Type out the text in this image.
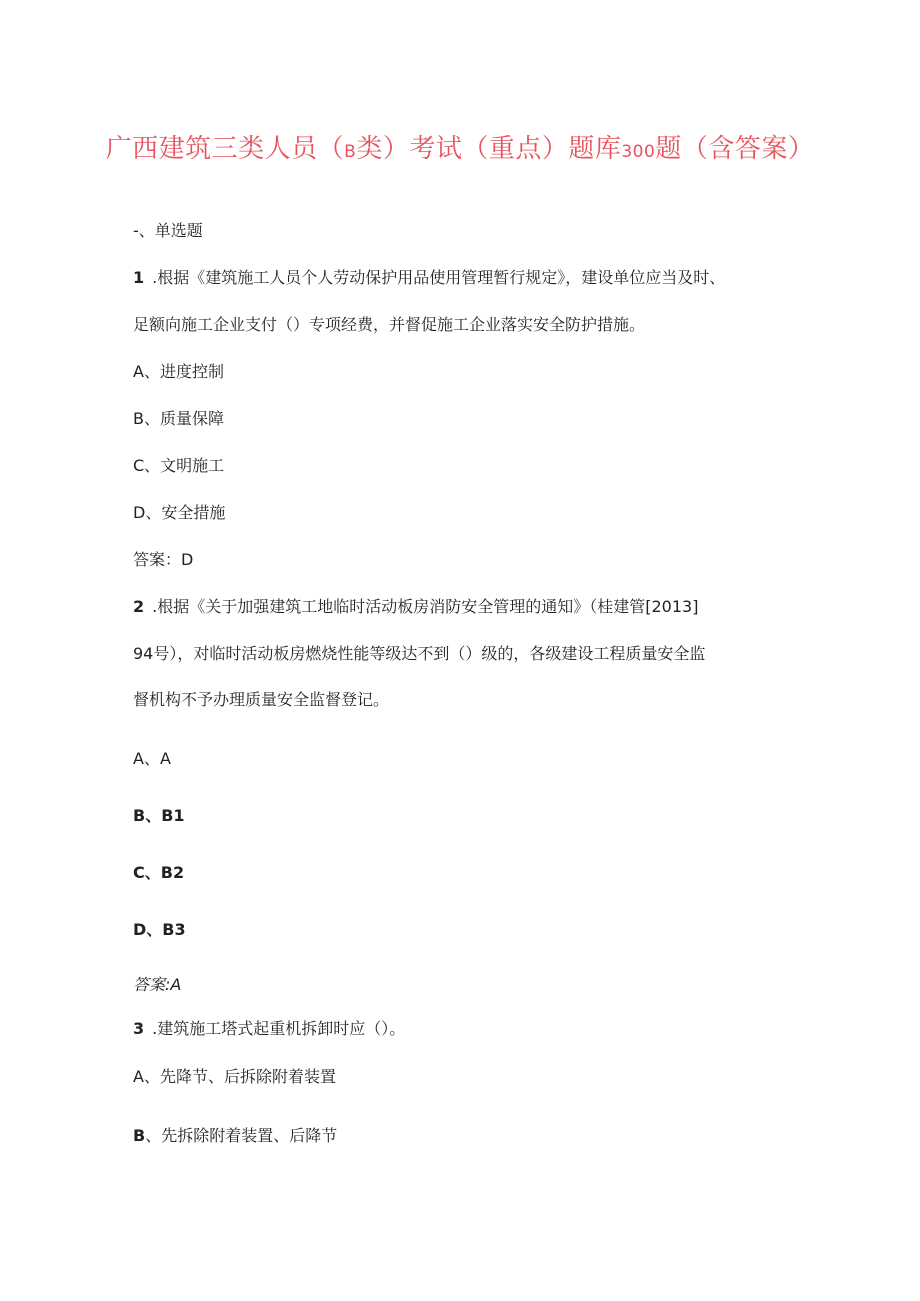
广西建筑三类人员（B类）考试（重点）题库300题（含答案）
-、单选题
1 .根据《建筑施工人员个人劳动保护用品使用管理暂行规定》，建设单位应当及时、
足额向施工企业支付（）专项经费，并督促施工企业落实安全防护措施。
A、进度控制
B、质量保障
C、文明施工
D、安全措施
答案：D
2 .根据《关于加强建筑工地临时活动板房消防安全管理的通知》（桂建管[2013]
94号），对临时活动板房燃烧性能等级达不到（）级的，各级建设工程质量安全监
督机构不予办理质量安全监督登记。
A、A
B、B1
C、B2
D、B3
答案:A
3 .建筑施工塔式起重机拆卸时应（）。
A、先降节、后拆除附着装置
B、先拆除附着装置、后降节
